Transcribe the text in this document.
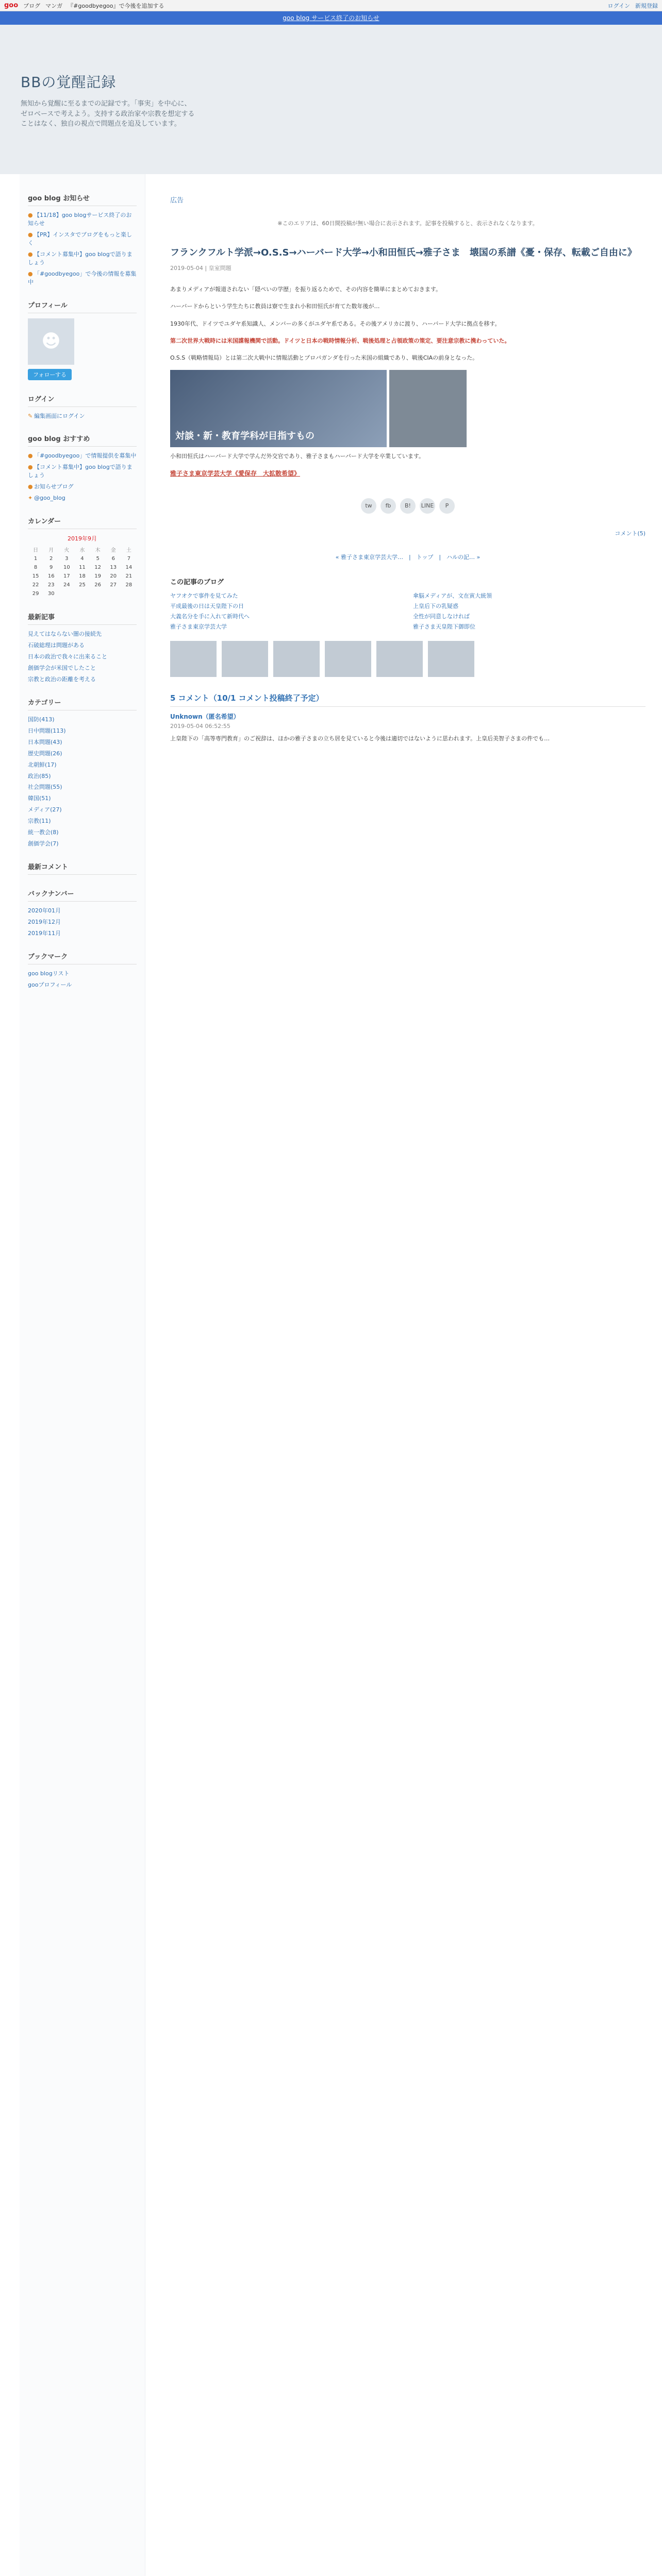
goo ブログ マンガ 『#goodbyegoo』で今後を追加する	ログイン 新規登録
goo blog サービス終了のお知らせ
BBの覚醒記録
無知から覚醒に至るまでの記録です。「事実」を中心に、ゼロベースで考えよう。支持する政治家や宗教を想定することはなく、独自の視点で問題点を追及しています。
goo blog お知らせ
● 【11/18】goo blogサービス終了のお知らせ
● 【PR】インスタでブログをもっと楽しく
● 【コメント募集中】goo blogで語りましょう
● 「#goodbyegoo」で今後の情報を募集中
プロフィール
☻
フォローする
ログイン
✎ 編集画面にログイン
goo blog おすすめ
● 「#goodbyegoo」で情報提供を募集中
● 【コメント募集中】goo blogで語りましょう
● お知らせブログ
✦ @goo_blog
カレンダー
2019年9月
日	月	火	水	木	金	土
1	2	3	4	5	6	7
8	9	10	11	12	13	14
15	16	17	18	19	20	21
22	23	24	25	26	27	28
29	30					
最新記事
見えてはならない闇の接続先
石破総理は問題がある
日本の政治で我々に出来ること
創価学会が米国でしたこと
宗教と政治の距離を考える
カテゴリー
国防(413)
日中問題(113)
日本問題(43)
歴史問題(26)
北朝鮮(17)
政治(85)
社会問題(55)
韓国(51)
メディア(27)
宗教(11)
統一教会(8)
創価学会(7)
最新コメント
バックナンバー
2020年01月
2019年12月
2019年11月
ブックマーク
goo blogリスト
gooプロフィール
広告
※このエリアは、60日間投稿が無い場合に表示されます。記事を投稿すると、表示されなくなります。
フランクフルト学派→O.S.S→ハーバード大学→小和田恒氏→雅子さま　壊国の系譜《憂・保存、転載ご自由に》
2019-05-04 | 皇室問題

あまりメディアが報道されない「隠ぺいの学歴」を振り返るためで、その内容を簡単にまとめておきます。

ハーバードからという学生たちに教員は寮で生まれ小和田恒氏が育てた数年後が…

1930年代、ドイツでユダヤ系知識人、メンバーの多くがユダヤ系である。その後アメリカに渡り、ハーバード大学に拠点を移す。

第二次世界大戦時には米国諜報機関で活動。ドイツと日本の戦時情報分析、戦後処理と占領政策の策定、要注意宗教に携わっていた。

O.S.S（戦略情報局）とは第二次大戦中に情報活動とプロパガンダを行った米国の組織であり、戦後CIAの前身となった。

対談・新・教育学科が目指すもの

小和田恒氏はハーバード大学で学んだ外交官であり、雅子さまもハーバード大学を卒業しています。

雅子さま東京学芸大学《愛保存　大拡散希望》
tw	fb	B!	LINE	P
コメント(5)
« 雅子さま東京学芸大学…　|　トップ　|　ハルの記… »
この記事のブログ
ヤフオクで事件を見てみた	傘脳メディアが、文在寅大統領
平成最後の日は天皇陛下の日	上皇后下の乳疑惑
大義名分を手に入れて新時代へ	全性が同意しなければ
雅子さま東京学芸大学	雅子さま天皇陛下御即位
5 コメント（10/1 コメント投稿終了予定）
Unknown（匿名希望）
2019-05-04 06:52:55

上皇陛下の「高等専門教育」のご祝辞は、ほかの雅子さまの立ち居を見ていると今後は適切ではないように思われます。上皇后美智子さまの件でも…
